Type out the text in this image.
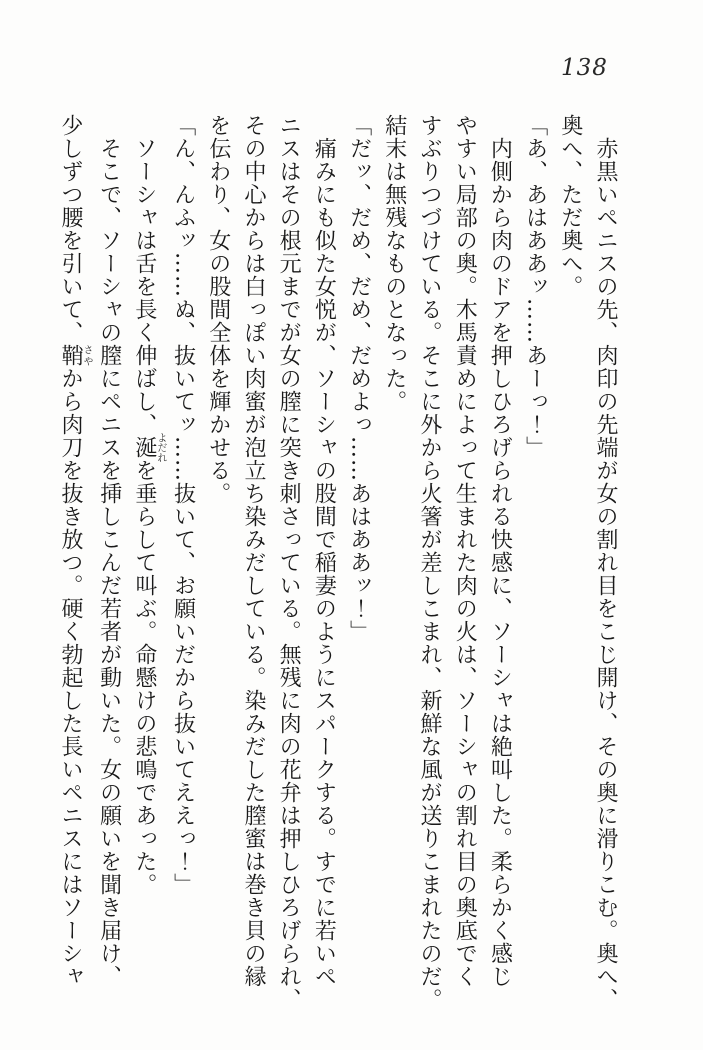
138
赤黒いペニスの先、肉印の先端が女の割れ目をこじ開け、その奥に滑りこむ。奥へ、
奥へ、ただ奥へ。
「あ、あはああッ……あーっ！」
内側から肉のドアを押しひろげられる快感に、ソーシャは絶叫した。柔らかく感じ
やすい局部の奥。木馬責めによって生まれた肉の火は、ソーシャの割れ目の奥底でく
すぶりつづけている。そこに外から火箸が差しこまれ、新鮮な風が送りこまれたのだ。
結末は無残なものとなった。
「だッ、だめ、だめ、だめよっ……あはああッ！」
痛みにも似た女悦が、ソーシャの股間で稲妻のようにスパークする。すでに若いペ
ニスはその根元までが女の膣に突き刺さっている。無残に肉の花弁は押しひろげられ、
その中心からは白っぽい肉蜜が泡立ち染みだしている。染みだした膣蜜は巻き貝の縁
を伝わり、女の股間全体を輝かせる。
「ん、んふッ……ぬ、抜いてッ……抜いて、お願いだから抜いてええっ！」
ソーシャは舌を長く伸ばし、涎よだれを垂らして叫ぶ。命懸けの悲鳴であった。
そこで、ソーシャの膣にペニスを挿しこんだ若者が動いた。女の願いを聞き届け、
少しずつ腰を引いて、鞘さやから肉刀を抜き放つ。硬く勃起した長いペニスにはソーシャ
